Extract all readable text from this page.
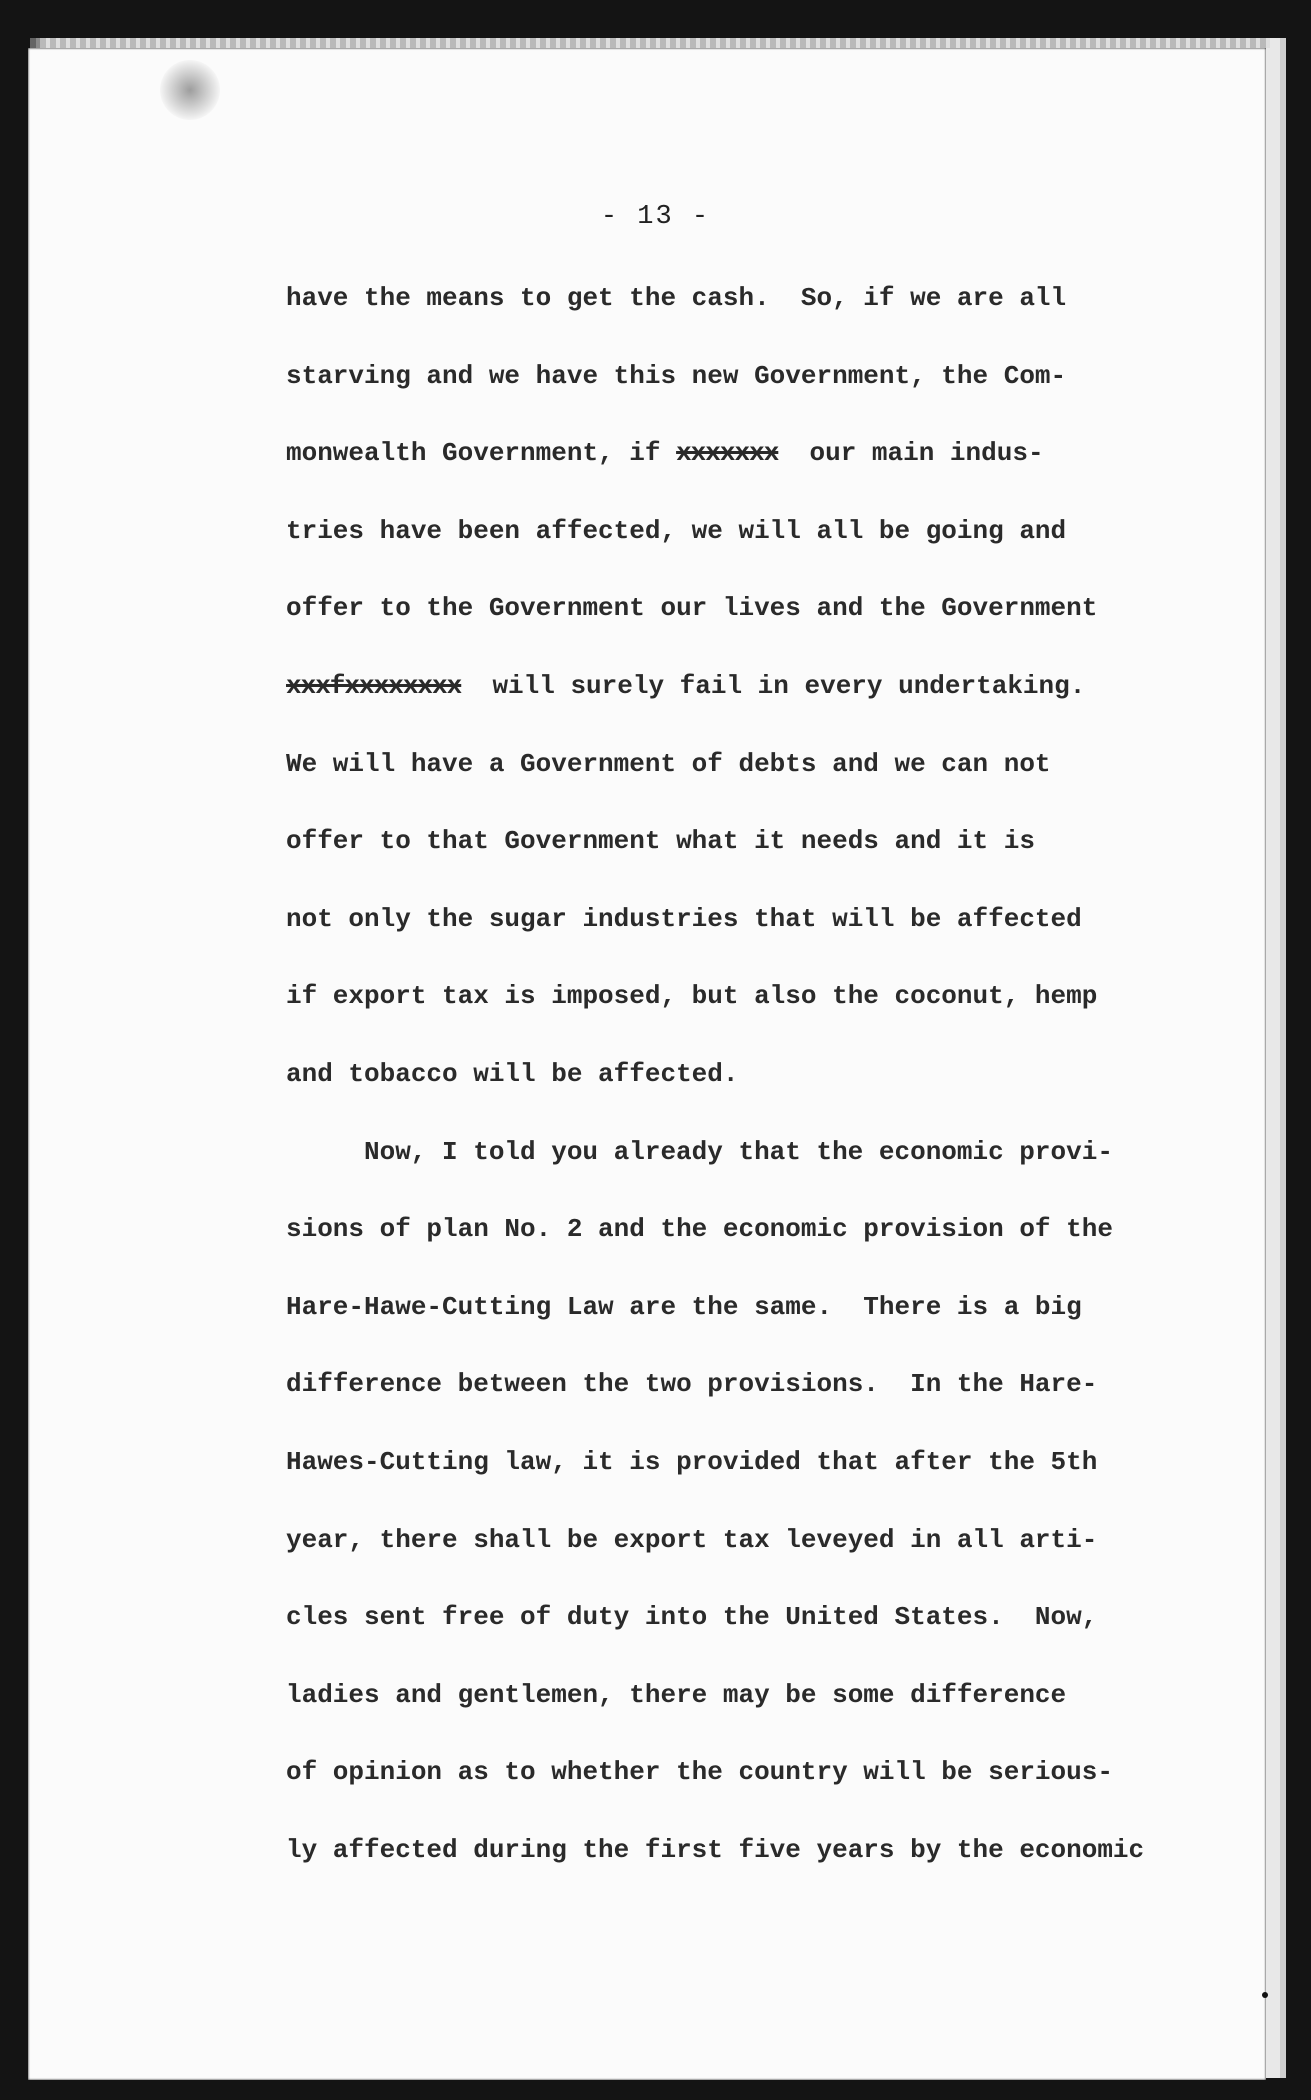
- 13 -
have the means to get the cash.  So, if we are all
starving and we have this new Government, the Com-
monwealth Government, if xxxxxxx  our main indus-
tries have been affected, we will all be going and
offer to the Government our lives and the Government
xxxfxxxxxxxx  will surely fail in every undertaking.
We will have a Government of debts and we can not
offer to that Government what it needs and it is
not only the sugar industries that will be affected
if export tax is imposed, but also the coconut, hemp
and tobacco will be affected.
Now, I told you already that the economic provi-
sions of plan No. 2 and the economic provision of the
Hare-Hawe-Cutting Law are the same.  There is a big
difference between the two provisions.  In the Hare-
Hawes-Cutting law, it is provided that after the 5th
year, there shall be export tax leveyed in all arti-
cles sent free of duty into the United States.  Now,
ladies and gentlemen, there may be some difference
of opinion as to whether the country will be serious-
ly affected during the first five years by the economic
